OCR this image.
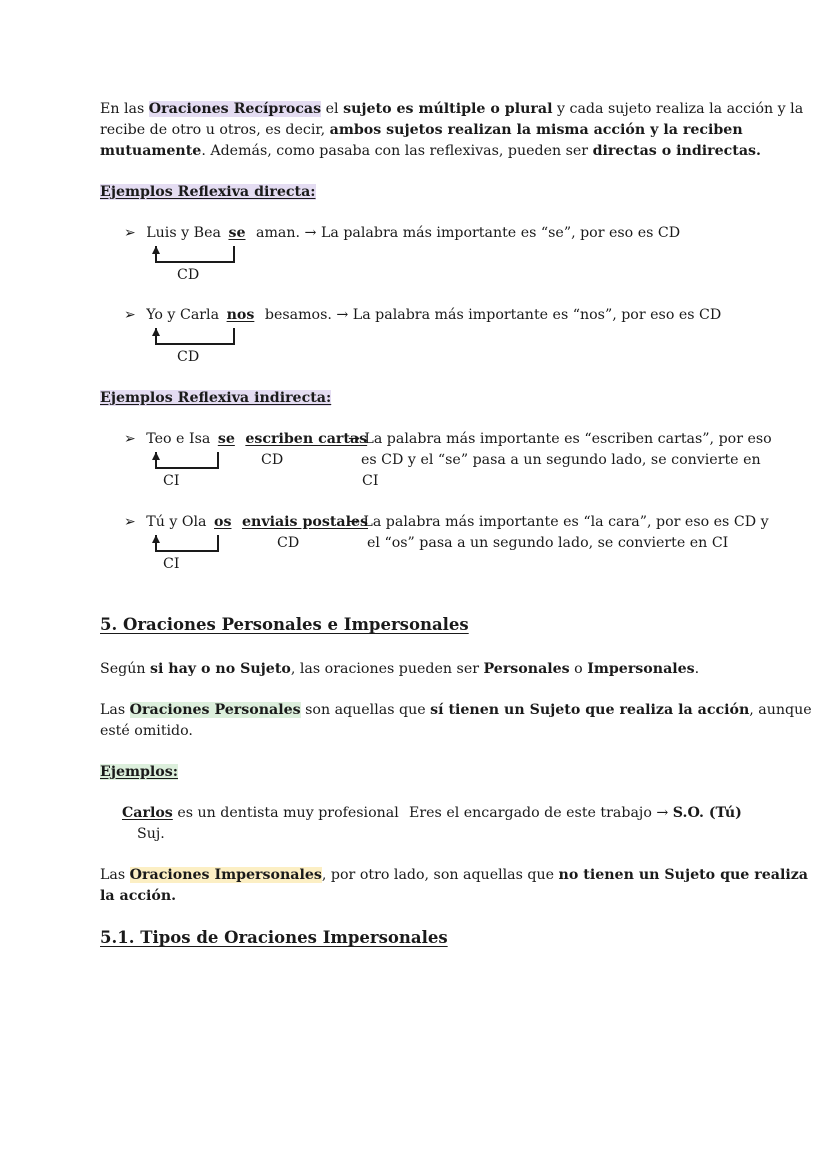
En las Oraciones Recíprocas el sujeto es múltiple o plural y cada sujeto realiza la acción y la
recibe de otro u otros, es decir, ambos sujetos realizan la misma acción y la reciben
mutuamente. Además, como pasaba con las reflexivas, pueden ser directas o indirectas.
Ejemplos Reflexiva directa:
➢ Luis y Bea se aman. → La palabra más importante es “se”, por eso es CD
CD
➢ Yo y Carla nos besamos. → La palabra más importante es “nos”, por eso es CD
CD
Ejemplos Reflexiva indirecta:
➢ Teo e Isa se escriben cartas
→ La palabra más importante es “escriben cartas”, por eso
es CD y el “se” pasa a un segundo lado, se convierte en
CI
CD
CI
➢ Tú y Ola os enviais postales
→ La palabra más importante es “la cara”, por eso es CD y
el “os” pasa a un segundo lado, se convierte en CI
CD
CI
5. Oraciones Personales e Impersonales
Según si hay o no Sujeto, las oraciones pueden ser Personales o Impersonales.
Las Oraciones Personales son aquellas que sí tienen un Sujeto que realiza la acción, aunque
esté omitido.
Ejemplos:
Carlos es un dentista muy profesional
Suj.
Eres el encargado de este trabajo → S.O. (Tú)
Las Oraciones Impersonales, por otro lado, son aquellas que no tienen un Sujeto que realiza
la acción.
5.1. Tipos de Oraciones Impersonales
